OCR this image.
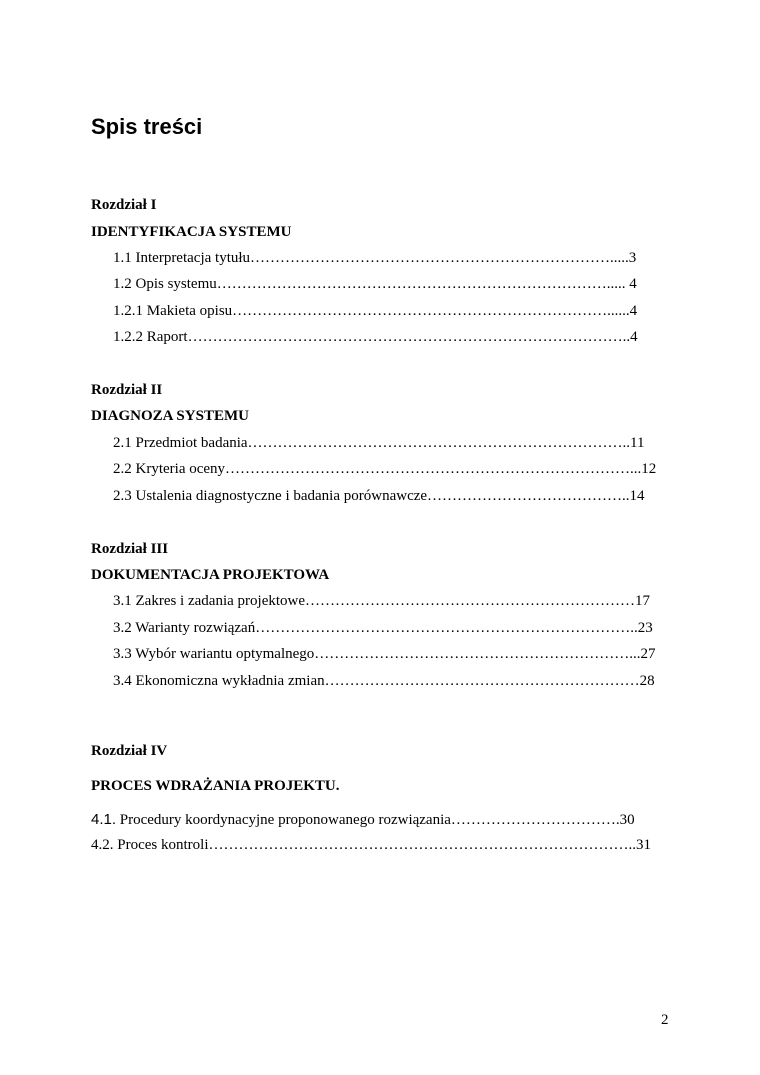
Spis treści
Rozdział I
IDENTYFIKACJA SYSTEMU
1.1 Interpretacja tytułu……………………………………………………………….....3
1.2 Opis systemu……………………………………………………………………..... 4
1.2.1 Makieta opisu…………………………………………………………………......4
1.2.2 Raport……………………………………………………………………………..4
Rozdział II
DIAGNOZA SYSTEMU
2.1 Przedmiot badania…………………………………………………………………..11
2.2 Kryteria oceny………………………………………………………………………...12
2.3 Ustalenia diagnostyczne i badania porównawcze…………………………………..14
Rozdział III
DOKUMENTACJA PROJEKTOWA
3.1 Zakres i zadania projektowe…………………………………………………………17
3.2 Warianty rozwiązań…………………………………………………………………..23
3.3 Wybór wariantu optymalnego………………………………………………………...27
3.4 Ekonomiczna wykładnia zmian………………………………………………………28
Rozdział IV
PROCES WDRAŻANIA PROJEKTU.
4.1. Procedury koordynacyjne proponowanego rozwiązania…………………………….30
4.2. Proces kontroli…………………………………………………………………………..31
2
